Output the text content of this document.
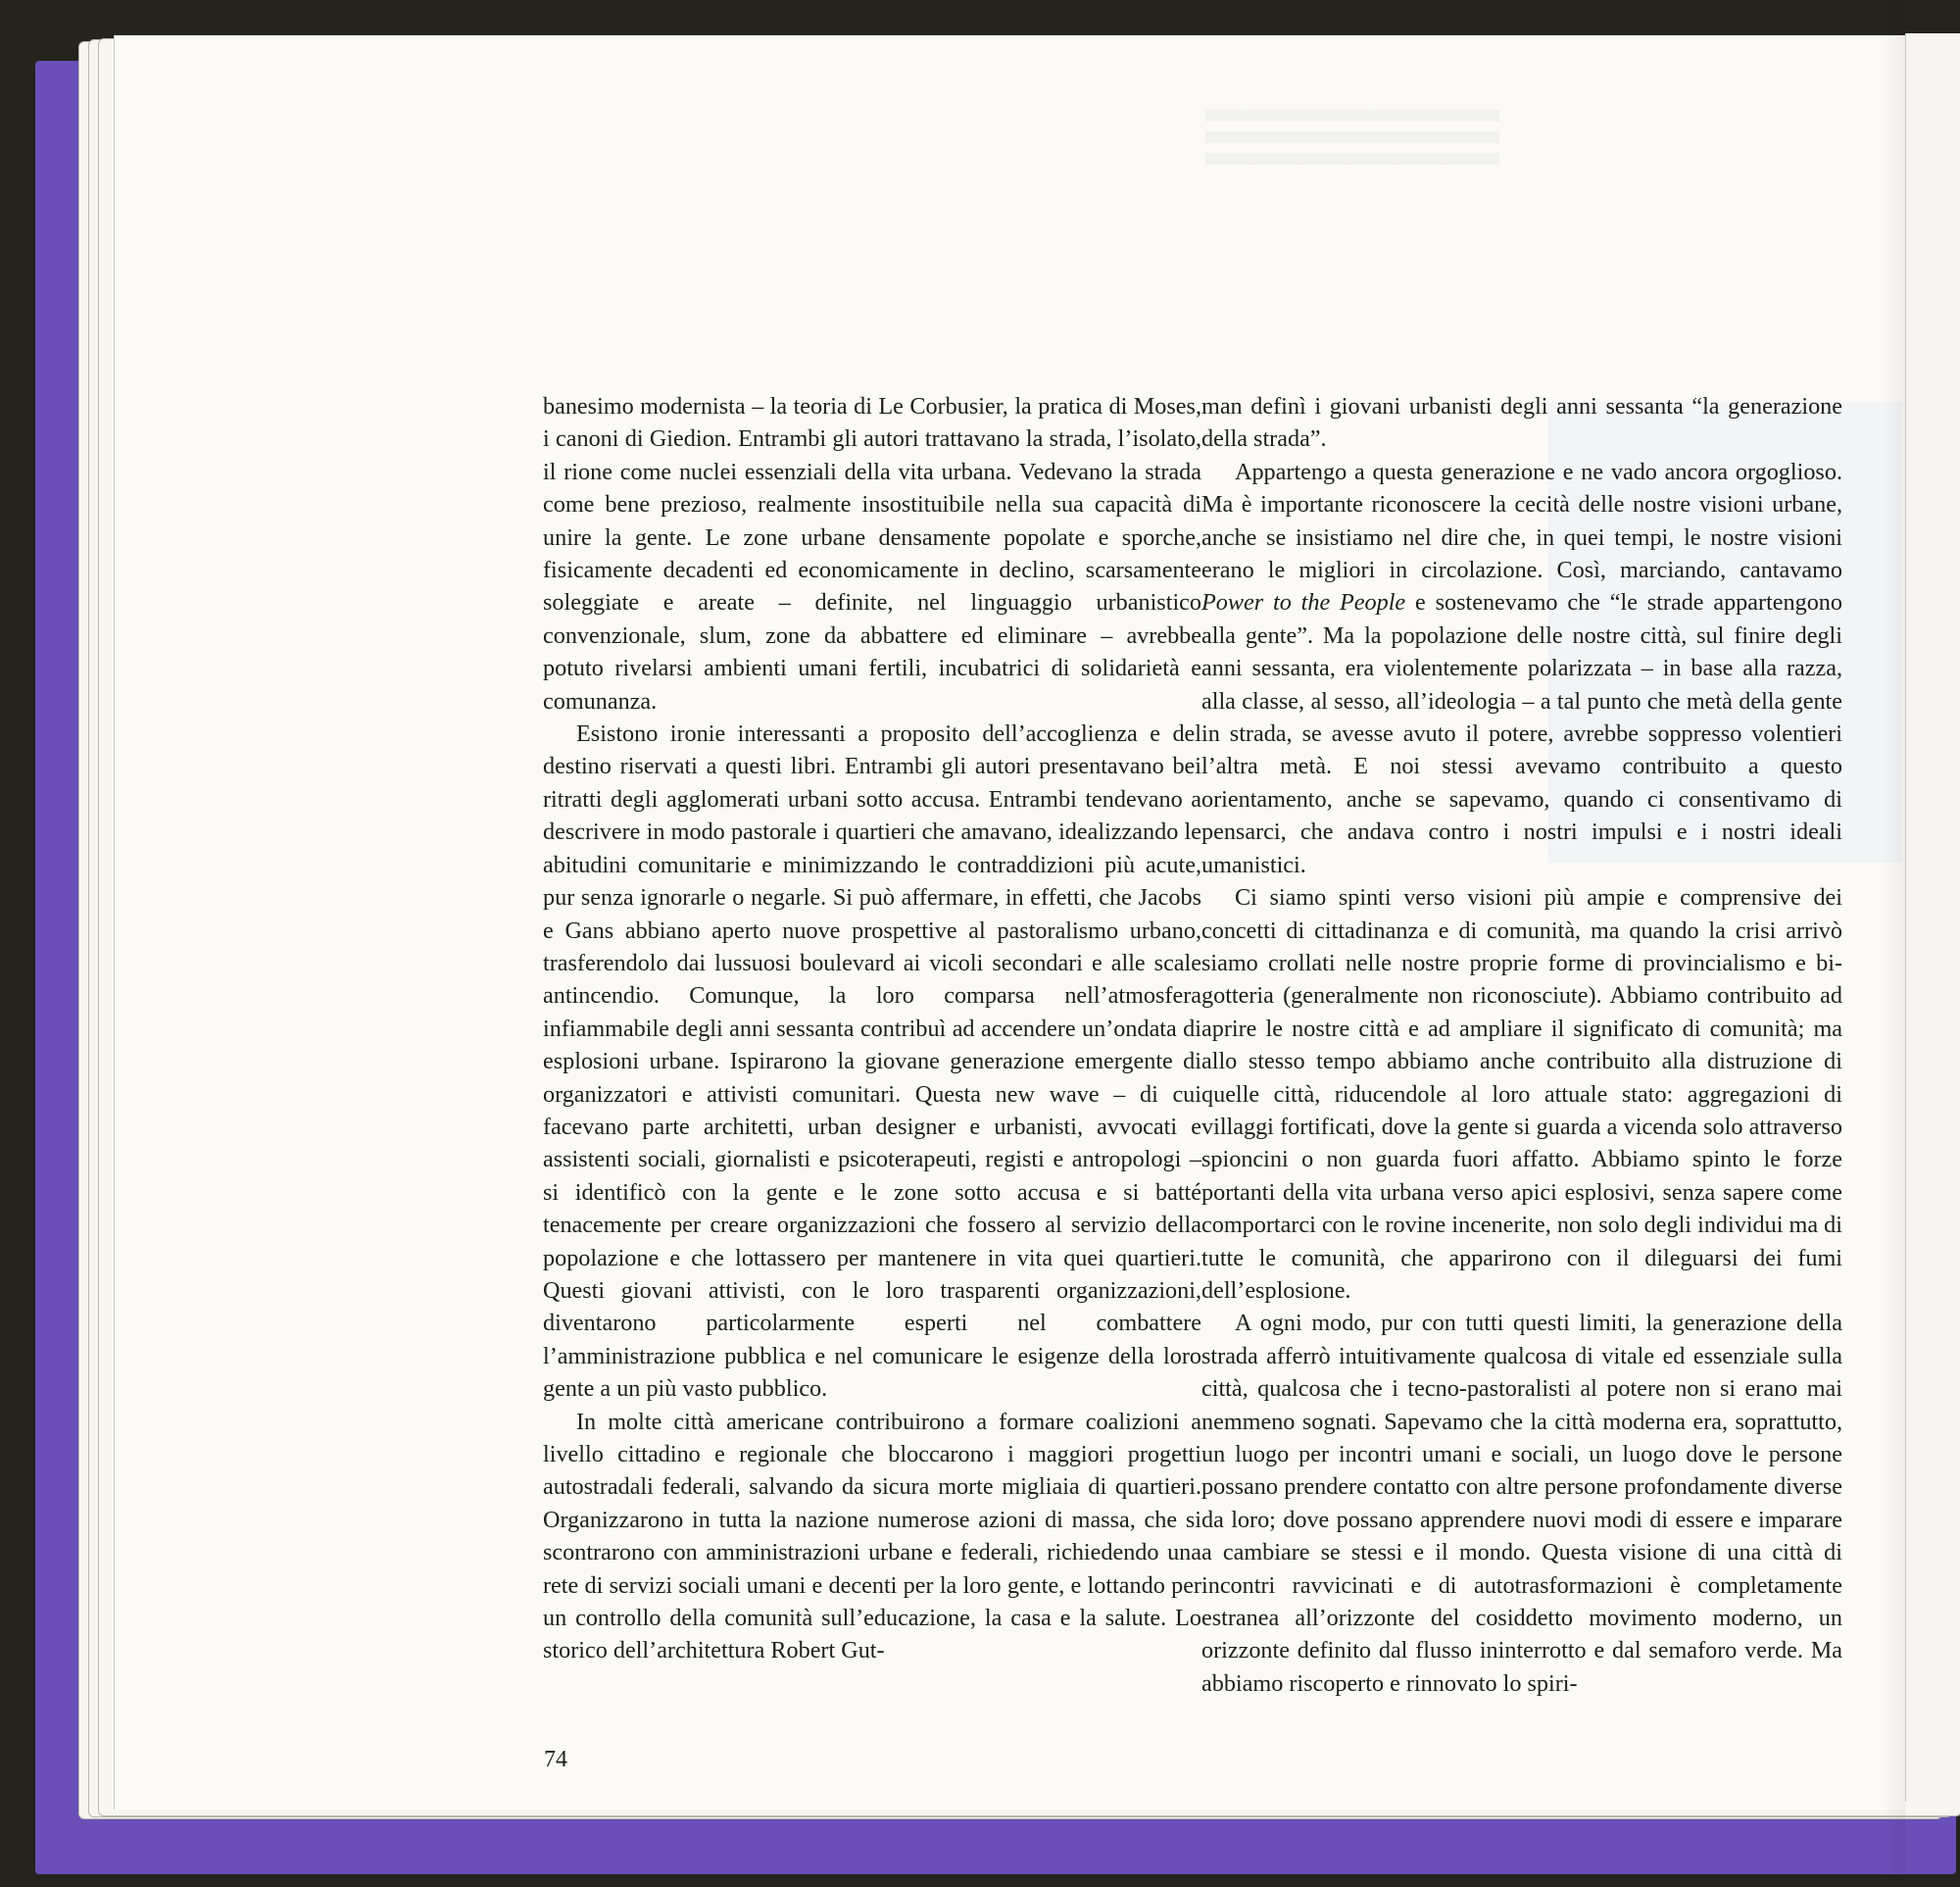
banesimo modernista – la teoria di Le Corbusier, la pratica di Moses, i canoni di Giedion. Entrambi gli autori trattavano la strada, l’isolato, il rione come nuclei essenziali della vita urbana. Vedevano la strada come bene prezioso, realmente insostituibile nella sua capacità di unire la gente. Le zone urbane densamente popolate e sporche, fisicamente decadenti ed economicamente in declino, scarsamente soleggiate e areate – definite, nel linguaggio urbanistico convenzionale, slum, zone da abbattere ed eliminare – avrebbe potuto rivelarsi ambienti umani fertili, incubatrici di solidarietà e comunanza.

Esistono ironie interessanti a proposito dell’accoglienza e del destino riservati a questi libri. Entrambi gli autori presentavano bei ritratti degli agglomerati urbani sotto accusa. Entrambi tendevano a descrivere in modo pastorale i quartieri che amavano, idealizzando le abitudini comunitarie e minimizzando le contraddizioni più acute, pur senza ignorarle o negarle. Si può affermare, in effetti, che Jacobs e Gans abbiano aperto nuove prospettive al pastoralismo urbano, trasferendolo dai lussuosi boulevard ai vicoli secondari e alle scale antincendio. Comunque, la loro comparsa nell’atmosfera infiammabile degli anni sessanta contribuì ad accendere un’ondata di esplosioni urbane. Ispirarono la giovane generazione emergente di organizzatori e attivisti comunitari. Questa new wave – di cui facevano parte architetti, urban designer e urbanisti, avvocati e assistenti sociali, giornalisti e psicoterapeuti, registi e antropologi – si identificò con la gente e le zone sotto accusa e si batté tenacemente per creare organizzazioni che fossero al servizio della popolazione e che lottassero per mantenere in vita quei quartieri. Questi giovani attivisti, con le loro trasparenti organizzazioni, diventarono particolarmente esperti nel combattere l’amministrazione pubblica e nel comunicare le esigenze della loro gente a un più vasto pubblico.

In molte città americane contribuirono a formare coalizioni a livello cittadino e regionale che bloccarono i maggiori progetti autostradali federali, salvando da sicura morte migliaia di quartieri. Organizzarono in tutta la nazione numerose azioni di massa, che si scontrarono con amministrazioni urbane e federali, richiedendo una rete di servizi sociali umani e decenti per la loro gente, e lottando per un controllo della comunità sull’educazione, la casa e la salute. Lo storico dell’architettura Robert Gut-

man definì i giovani urbanisti degli anni sessanta “la generazione della strada”.

Appartengo a questa generazione e ne vado ancora orgoglioso. Ma è importante riconoscere la cecità delle nostre visioni urbane, anche se insistiamo nel dire che, in quei tempi, le nostre visioni erano le migliori in circolazione. Così, marciando, cantavamo Power to the People e sostenevamo che “le strade appartengono alla gente”. Ma la popolazione delle nostre città, sul finire degli anni sessanta, era violentemente polarizzata – in base alla razza, alla classe, al sesso, all’ideologia – a tal punto che metà della gente in strada, se avesse avuto il potere, avrebbe soppresso volentieri l’altra metà. E noi stessi avevamo contribuito a questo orientamento, anche se sapevamo, quando ci consentivamo di pensarci, che andava contro i nostri impulsi e i nostri ideali umanistici.

Ci siamo spinti verso visioni più ampie e comprensive dei concetti di cittadinanza e di comunità, ma quando la crisi arrivò siamo crollati nelle nostre proprie forme di provincialismo e bigotteria (generalmente non riconosciute). Abbiamo contribuito ad aprire le nostre città e ad ampliare il significato di comunità; ma allo stesso tempo abbiamo anche contribuito alla distruzione di quelle città, riducendole al loro attuale stato: aggregazioni di villaggi fortificati, dove la gente si guarda a vicenda solo attraverso spioncini o non guarda fuori affatto. Abbiamo spinto le forze portanti della vita urbana verso apici esplosivi, senza sapere come comportarci con le rovine incenerite, non solo degli individui ma di tutte le comunità, che apparirono con il dileguarsi dei fumi dell’esplosione.

A ogni modo, pur con tutti questi limiti, la generazione della strada afferrò intuitivamente qualcosa di vitale ed essenziale sulla città, qualcosa che i tecno-pastoralisti al potere non si erano mai nemmeno sognati. Sapevamo che la città moderna era, soprattutto, un luogo per incontri umani e sociali, un luogo dove le persone possano prendere contatto con altre persone profondamente diverse da loro; dove possano apprendere nuovi modi di essere e imparare a cambiare se stessi e il mondo. Questa visione di una città di incontri ravvicinati e di autotrasformazioni è completamente estranea all’orizzonte del cosiddetto movimento moderno, un orizzonte definito dal flusso ininterrotto e dal semaforo verde. Ma abbiamo riscoperto e rinnovato lo spiri-

74
